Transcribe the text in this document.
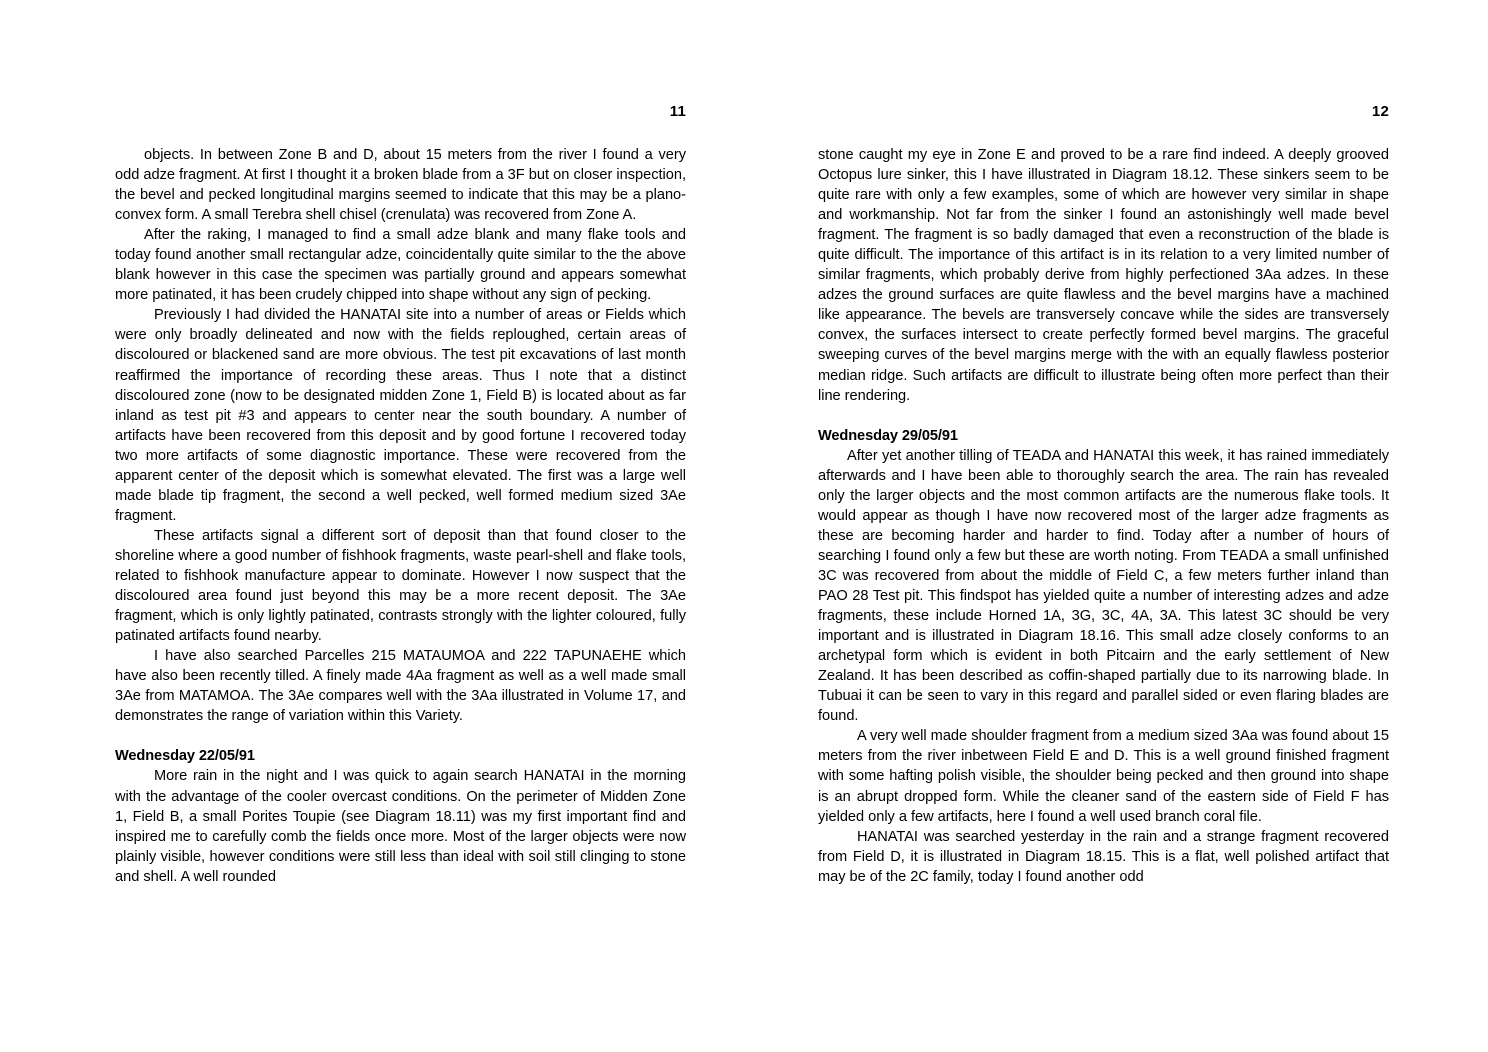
11

objects. In between Zone B and D, about 15 meters from the river I found a very odd adze fragment. At first I thought it a broken blade from a 3F but on closer inspection, the bevel and pecked longitudinal margins seemed to indicate that this may be a plano-convex form. A small Terebra shell chisel (crenulata) was recovered from Zone A.

After the raking, I managed to find a small adze blank and many flake tools and today found another small rectangular adze, coincidentally quite similar to the the above blank however in this case the specimen was partially ground and appears somewhat more patinated, it has been crudely chipped into shape without any sign of pecking.

Previously I had divided the HANATAI site into a number of areas or Fields which were only broadly delineated and now with the fields reploughed, certain areas of discoloured or blackened sand are more obvious. The test pit excavations of last month reaffirmed the importance of recording these areas. Thus I note that a distinct discoloured zone (now to be designated midden Zone 1, Field B) is located about as far inland as test pit #3 and appears to center near the south boundary. A number of artifacts have been recovered from this deposit and by good fortune I recovered today two more artifacts of some diagnostic importance. These were recovered from the apparent center of the deposit which is somewhat elevated. The first was a large well made blade tip fragment, the second a well pecked, well formed medium sized 3Ae fragment.

These artifacts signal a different sort of deposit than that found closer to the shoreline where a good number of fishhook fragments, waste pearl-shell and flake tools, related to fishhook manufacture appear to dominate. However I now suspect that the discoloured area found just beyond this may be a more recent deposit. The 3Ae fragment, which is only lightly patinated, contrasts strongly with the lighter coloured, fully patinated artifacts found nearby.

I have also searched Parcelles 215 MATAUMOA and 222 TAPUNAEHE which have also been recently tilled. A finely made 4Aa fragment as well as a well made small 3Ae from MATAMOA. The 3Ae compares well with the 3Aa illustrated in Volume 17, and demonstrates the range of variation within this Variety.

Wednesday 22/05/91

More rain in the night and I was quick to again search HANATAI in the morning with the advantage of the cooler overcast conditions. On the perimeter of Midden Zone 1, Field B, a small Porites Toupie (see Diagram 18.11) was my first important find and inspired me to carefully comb the fields once more. Most of the larger objects were now plainly visible, however conditions were still less than ideal with soil still clinging to stone and shell. A well rounded

12

stone caught my eye in Zone E and proved to be a rare find indeed. A deeply grooved Octopus lure sinker, this I have illustrated in Diagram 18.12. These sinkers seem to be quite rare with only a few examples, some of which are however very similar in shape and workmanship. Not far from the sinker I found an astonishingly well made bevel fragment. The fragment is so badly damaged that even a reconstruction of the blade is quite difficult. The importance of this artifact is in its relation to a very limited number of similar fragments, which probably derive from highly perfectioned 3Aa adzes. In these adzes the ground surfaces are quite flawless and the bevel margins have a machined like appearance. The bevels are transversely concave while the sides are transversely convex, the surfaces intersect to create perfectly formed bevel margins. The graceful sweeping curves of the bevel margins merge with the with an equally flawless posterior median ridge. Such artifacts are difficult to illustrate being often more perfect than their line rendering.

Wednesday 29/05/91

After yet another tilling of TEADA and HANATAI this week, it has rained immediately afterwards and I have been able to thoroughly search the area. The rain has revealed only the larger objects and the most common artifacts are the numerous flake tools. It would appear as though I have now recovered most of the larger adze fragments as these are becoming harder and harder to find. Today after a number of hours of searching I found only a few but these are worth noting. From TEADA a small unfinished 3C was recovered from about the middle of Field C, a few meters further inland than PAO 28 Test pit. This findspot has yielded quite a number of interesting adzes and adze fragments, these include Horned 1A, 3G, 3C, 4A, 3A. This latest 3C should be very important and is illustrated in Diagram 18.16. This small adze closely conforms to an archetypal form which is evident in both Pitcairn and the early settlement of New Zealand. It has been described as coffin-shaped partially due to its narrowing blade. In Tubuai it can be seen to vary in this regard and parallel sided or even flaring blades are found.

A very well made shoulder fragment from a medium sized 3Aa was found about 15 meters from the river inbetween Field E and D. This is a well ground finished fragment with some hafting polish visible, the shoulder being pecked and then ground into shape is an abrupt dropped form. While the cleaner sand of the eastern side of Field F has yielded only a few artifacts, here I found a well used branch coral file.

HANATAI was searched yesterday in the rain and a strange fragment recovered from Field D, it is illustrated in Diagram 18.15. This is a flat, well polished artifact that may be of the 2C family, today I found another odd
